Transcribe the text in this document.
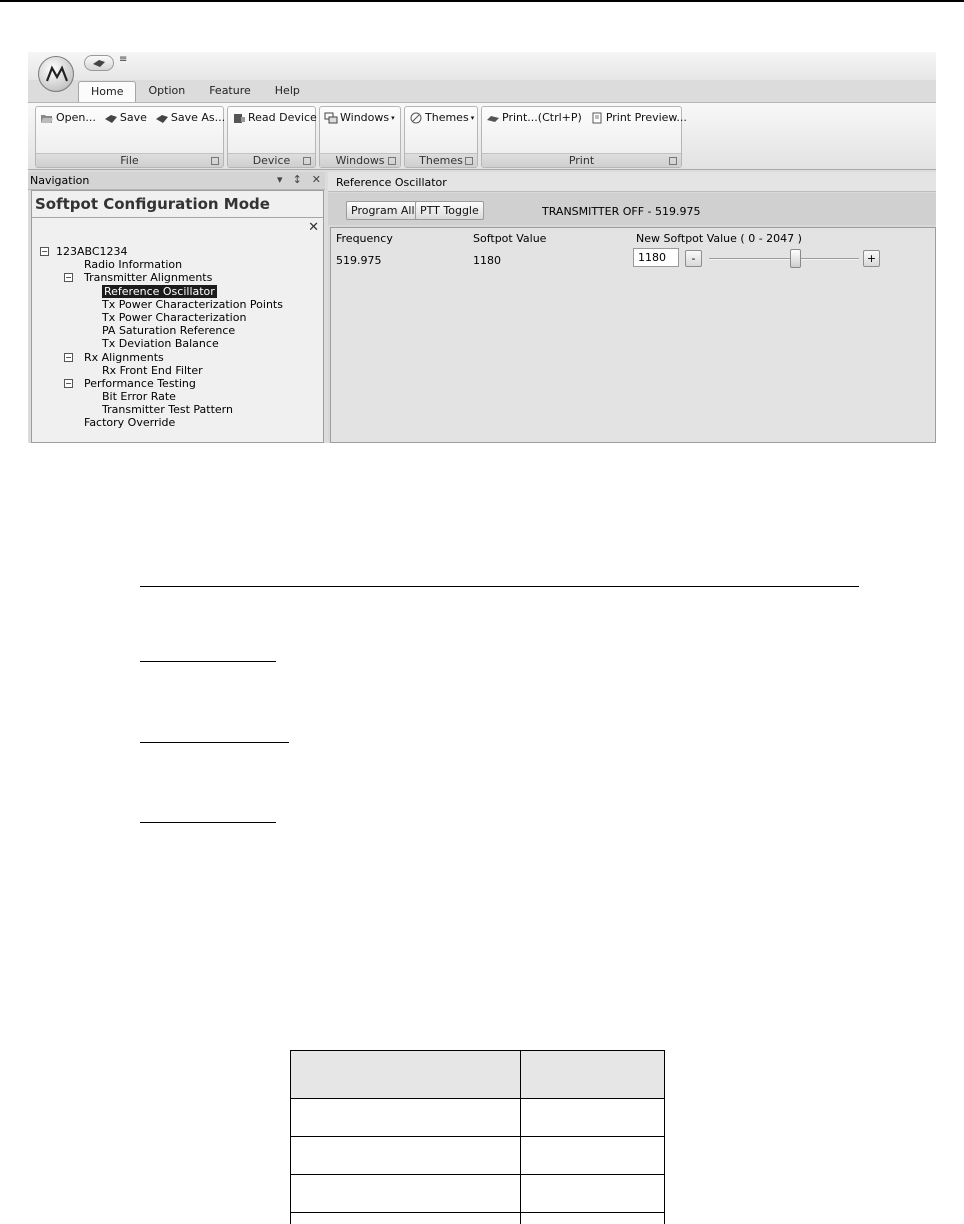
≡
Home	Option	Feature	Help
Open... Save Save As...
File
Read Device
Device
Windows ▾
Windows
Themes ▾
Themes
Print...(Ctrl+P) Print Preview...
Print
Navigation	▾ ↕ ✕
Softpot Configuration Mode
✕
− 123ABC1234
Radio Information
− Transmitter Alignments
Reference Oscillator
Tx Power Characterization Points
Tx Power Characterization
PA Saturation Reference
Tx Deviation Balance
− Rx Alignments
Rx Front End Filter
− Performance Testing
Bit Error Rate
Transmitter Test Pattern
Factory Override
Reference Oscillator
Program All PTT Toggle	TRANSMITTER OFF - 519.975
Frequency	Softpot Value	New Softpot Value ( 0 - 2047 )
519.975	1180	1180	-	+
